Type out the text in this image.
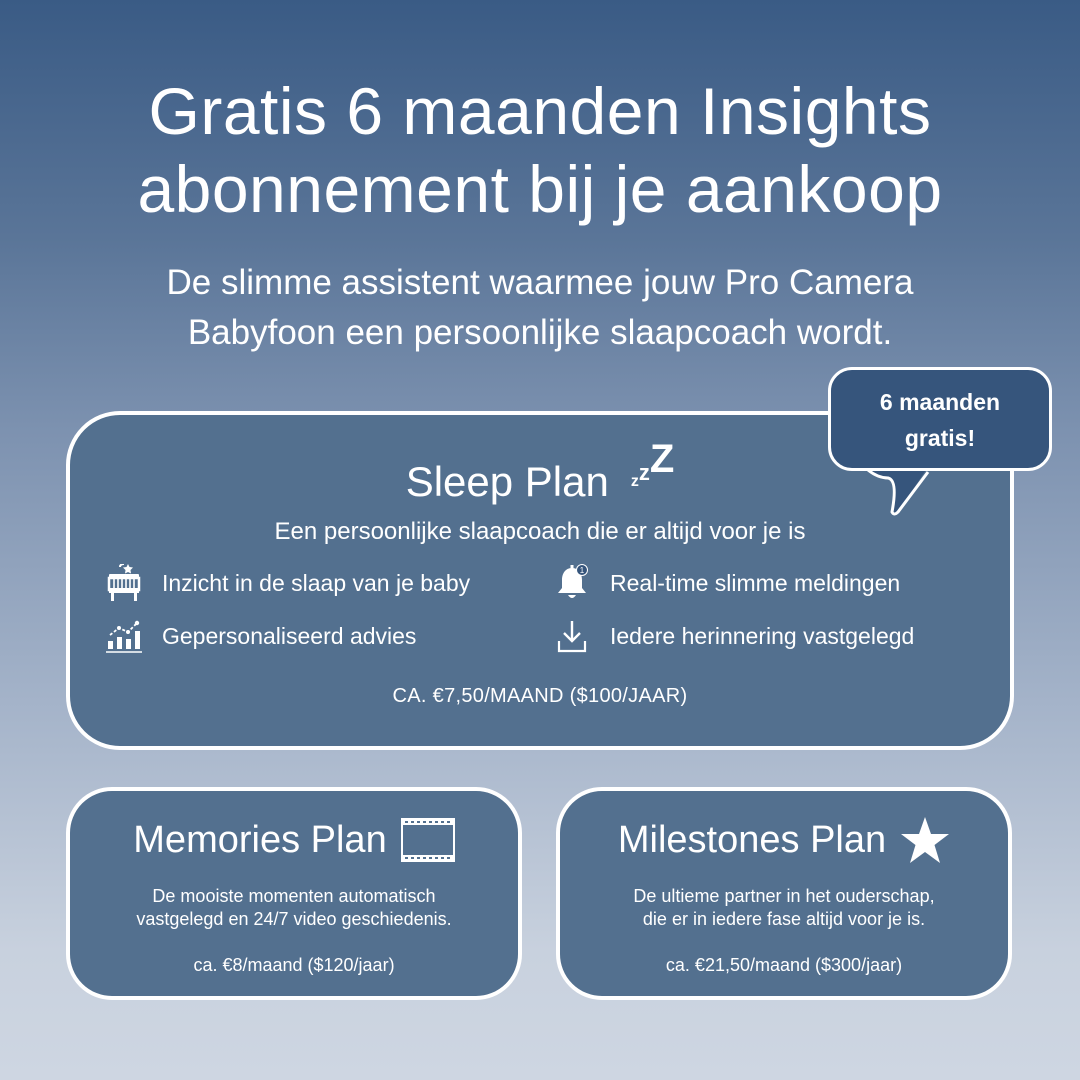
Gratis 6 maanden Insights
abonnement bij je aankoop
De slimme assistent waarmee jouw Pro Camera
Babyfoon een persoonlijke slaapcoach wordt.
Sleep Plan zzZ
Een persoonlijke slaapcoach die er altijd voor je is
Inzicht in de slaap van je baby	1 Real-time slimme meldingen
Gepersonaliseerd advies	Iedere herinnering vastgelegd
CA. €7,50/MAAND ($100/JAAR)
6 maanden
gratis!
Memories Plan
De mooiste momenten automatisch
vastgelegd en 24/7 video geschiedenis.
ca. €8/maand ($120/jaar)
Milestones Plan
De ultieme partner in het ouderschap,
die er in iedere fase altijd voor je is.
ca. €21,50/maand ($300/jaar)
